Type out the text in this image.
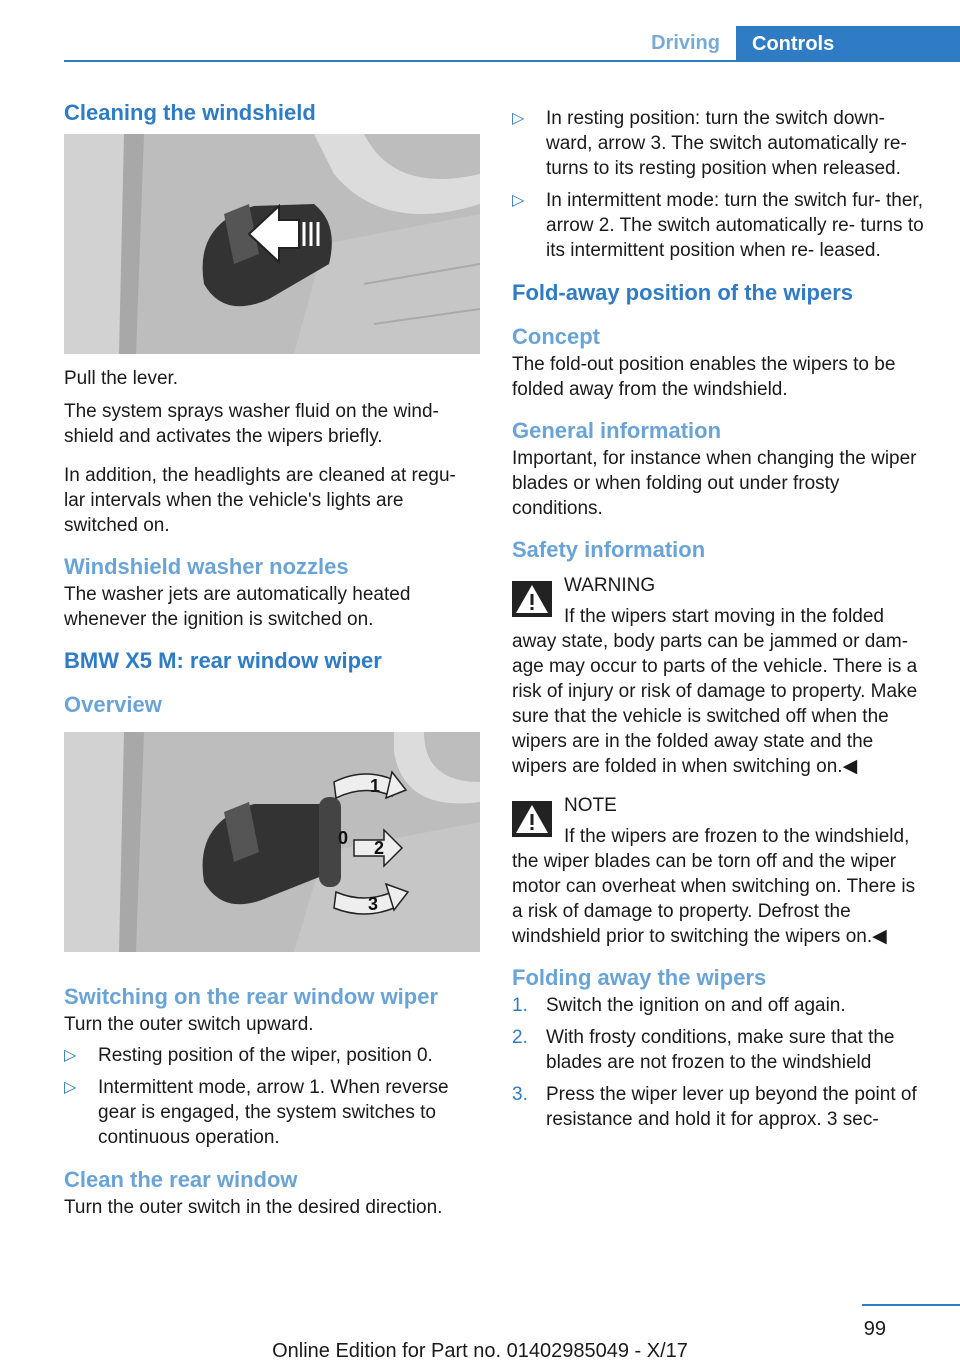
Driving	Controls
Cleaning the windshield

Pull the lever.

The system sprays washer fluid on the wind‐ shield and activates the wipers briefly.

In addition, the headlights are cleaned at regu‐ lar intervals when the vehicle's lights are switched on.

Windshield washer nozzles

The washer jets are automatically heated whenever the ignition is switched on.

BMW X5 M: rear window wiper
Overview
1
0 2
3
Switching on the rear window wiper

Turn the outer switch upward.

▷ Resting position of the wiper, position 0.
▷ Intermittent mode, arrow 1. When reverse gear is engaged, the system switches to continuous operation.
Clean the rear window

Turn the outer switch in the desired direction.

▷ In resting position: turn the switch down‐ ward, arrow 3. The switch automatically re‐ turns to its resting position when released.
▷ In intermittent mode: turn the switch fur‐ ther, arrow 2. The switch automatically re‐ turns to its intermittent position when re‐ leased.
Fold-away position of the wipers
Concept

The fold-out position enables the wipers to be folded away from the windshield.

General information

Important, for instance when changing the wiper blades or when folding out under frosty conditions.

Safety information
WARNING
If the wipers start moving in the folded away state, body parts can be jammed or dam‐ age may occur to parts of the vehicle. There is a risk of injury or risk of damage to property. Make sure that the vehicle is switched off when the wipers are in the folded away state and the wipers are folded in when switching on.◀
NOTE
If the wipers are frozen to the windshield, the wiper blades can be torn off and the wiper motor can overheat when switching on. There is a risk of damage to property. Defrost the windshield prior to switching the wipers on.◀
Folding away the wipers
1. Switch the ignition on and off again.
2. With frosty conditions, make sure that the blades are not frozen to the windshield
3. Press the wiper lever up beyond the point of resistance and hold it for approx. 3 sec‐
99
Online Edition for Part no. 01402985049 - X/17
